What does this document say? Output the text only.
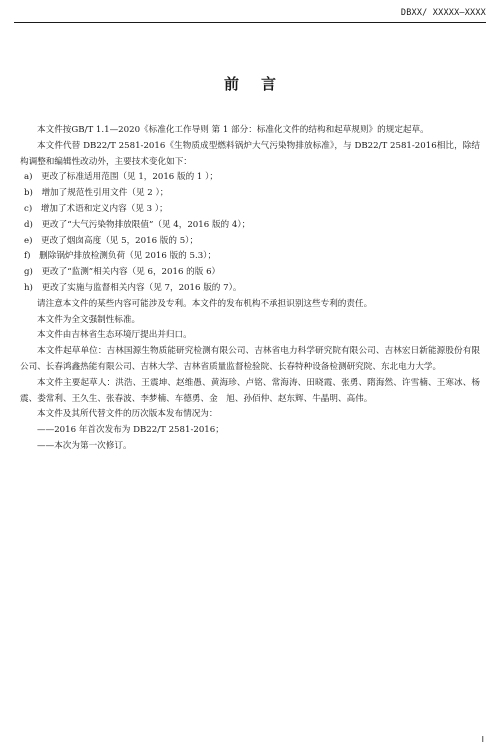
DBXX/ XXXXX—XXXX
前言

本文件按GB/T 1.1—2020《标准化工作导则 第 1 部分：标准化文件的结构和起草规则》的规定起草。

本文件代替 DB22/T 2581-2016《生物质成型燃料锅炉大气污染物排放标准》，与 DB22/T 2581-2016相比，除结构调整和编辑性改动外，主要技术变化如下：

a)　更改了标准适用范围（见 1，2016 版的 1 ）；

b)　增加了规范性引用文件（见 2 ）；

c)　增加了术语和定义内容（见 3 ）；

d)　更改了“大气污染物排放限值”（见 4，2016 版的 4）；

e)　更改了烟囱高度（见 5，2016 版的 5）；

f)　删除锅炉排放检测负荷（见 2016 版的 5.3）；

g)　更改了“监测”相关内容（见 6，2016 的版 6）

h)　更改了实施与监督相关内容（见 7，2016 版的 7）。

请注意本文件的某些内容可能涉及专利。本文件的发布机构不承担识别这些专利的责任。

本文件为全文强制性标准。

本文件由吉林省生态环境厅提出并归口。

本文件起草单位：吉林国源生物质能研究检测有限公司、吉林省电力科学研究院有限公司、吉林宏日新能源股份有限公司、长春鸿鑫热能有限公司、吉林大学、吉林省质量监督检验院、长春特种设备检测研究院、东北电力大学。

本文件主要起草人：洪浩、王震坤、赵维愚、黄海珍、卢铭、常海涛、田晓霞、张勇、隋海然、许雪楠、王寒冰、杨震、娄常利、王久生、张春波、李梦楠、车德勇、金　旭、孙佰仲、赵东辉、牛晶明、高伟。

本文件及其所代替文件的历次版本发布情况为：

——2016 年首次发布为 DB22/T 2581-2016；

——本次为第一次修订。

I
